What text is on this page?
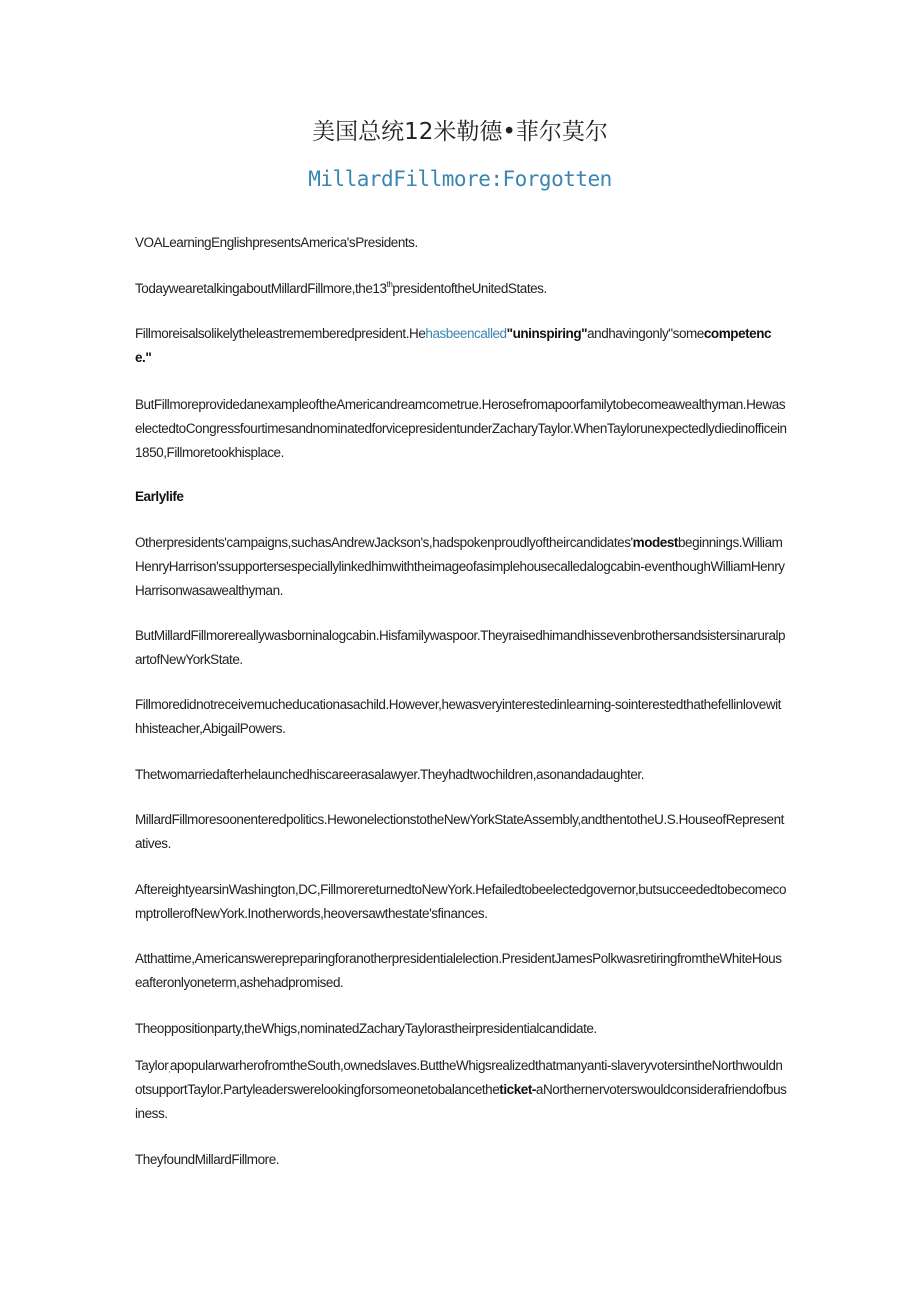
美国总统12米勒德•菲尔莫尔
MillardFillmore:Forgotten

VOALearningEnglishpresentsAmerica'sPresidents.

TodaywearetalkingaboutMillardFillmore,the13thpresidentoftheUnitedStates.

Fillmoreisalsolikelytheleastrememberedpresident.Hehasbeencalled"uninspiring"andhavingonly"somecompetence."

ButFillmoreprovidedanexampleoftheAmericandreamcometrue.Herosefromapoorfamilytobecomeawealthyman.HewaselectedtoCongressfourtimesandnominatedforvicepresidentunderZacharyTaylor.WhenTaylorunexpectedlydiedinofficein1850,Fillmoretookhisplace.

Earlylife

Otherpresidents'campaigns,suchasAndrewJackson's,hadspokenproudlyoftheircandidates'modestbeginnings.WilliamHenryHarrison'ssupportersespeciallylinkedhimwiththeimageofasimplehousecalledalogcabin-eventhoughWilliamHenryHarrisonwasawealthyman.

ButMillardFillmorereallywasborninalogcabin.Hisfamilywaspoor.TheyraisedhimandhissevenbrothersandsistersinaruralpartofNewYorkState.

Fillmoredidnotreceivemucheducationasachild.However,hewasveryinterestedinlearning-sointerestedthathefellinlovewithhisteacher,AbigailPowers.

Thetwomarriedafterhelaunchedhiscareerasalawyer.Theyhadtwochildren,asonandadaughter.

MillardFillmoresoonenteredpolitics.HewonelectionstotheNewYorkStateAssembly,andthentotheU.S.HouseofRepresentatives.

AftereightyearsinWashington,DC,FillmorereturnedtoNewYork.Hefailedtobeelectedgovernor,butsucceededtobecomecomptrollerofNewYork.Inotherwords,heoversawthestate'sfinances.

Atthattime,Americanswerepreparingforanotherpresidentialelection.PresidentJamesPolkwasretiringfromtheWhiteHouseafteronlyoneterm,ashehadpromised.

Theoppositionparty,theWhigs,nominatedZacharyTaylorastheirpresidentialcandidate.

Taylor$_,$apopularwarherofromtheSouth,ownedslaves.ButtheWhigsrealizedthatmanyanti-slaveryvotersintheNorthwouldnotsupportTaylor.Partyleaderswerelookingforsomeonetobalancetheticket-aNorthernervoterswouldconsiderafriendofbusiness.

TheyfoundMillardFillmore.
